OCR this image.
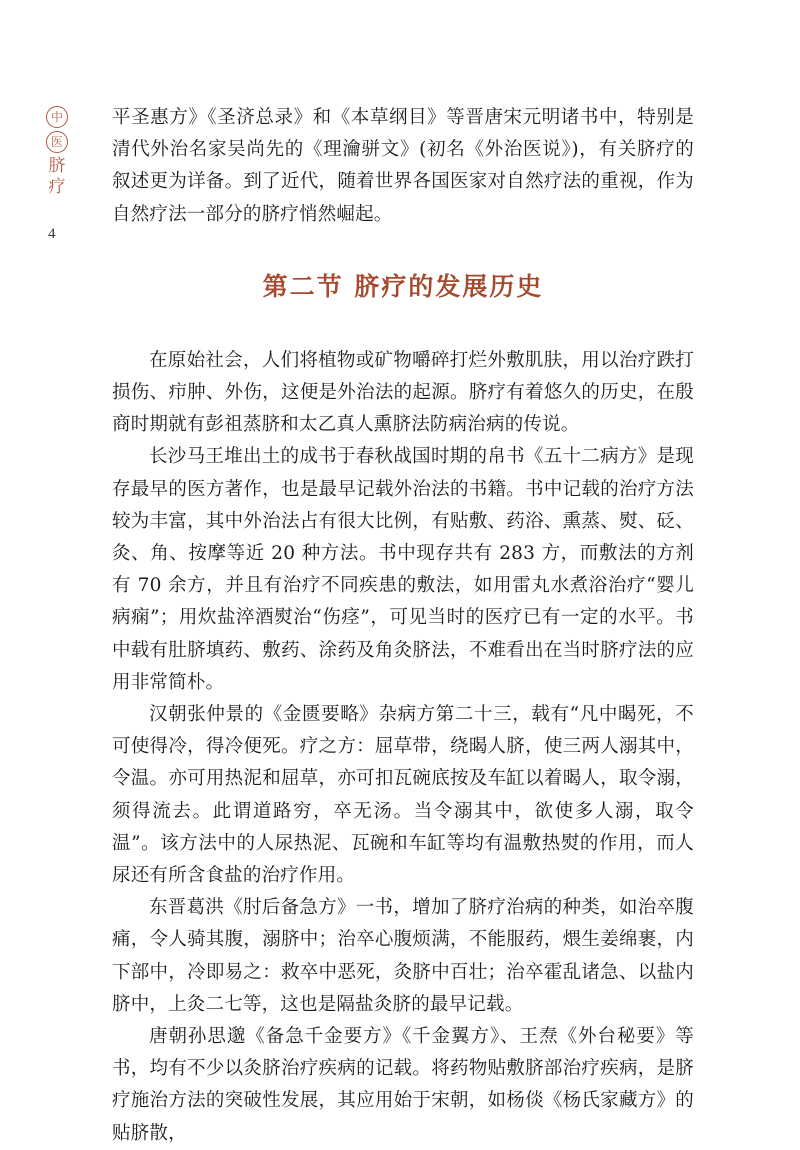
中
医
脐
疗
4

平圣惠方》《圣济总录》和《本草纲目》等晋唐宋元明诸书中，特别是清代外治名家吴尚先的《理瀹骈文》(初名《外治医说》)，有关脐疗的叙述更为详备。到了近代，随着世界各国医家对自然疗法的重视，作为自然疗法一部分的脐疗悄然崛起。

第二节 脐疗的发展历史

在原始社会，人们将植物或矿物嚼碎打烂外敷肌肤，用以治疗跌打损伤、疖肿、外伤，这便是外治法的起源。脐疗有着悠久的历史，在殷商时期就有彭祖蒸脐和太乙真人熏脐法防病治病的传说。

长沙马王堆出土的成书于春秋战国时期的帛书《五十二病方》是现存最早的医方著作，也是最早记载外治法的书籍。书中记载的治疗方法较为丰富，其中外治法占有很大比例，有贴敷、药浴、熏蒸、熨、砭、灸、角、按摩等近 20 种方法。书中现存共有 283 方，而敷法的方剂有 70 余方，并且有治疗不同疾患的敷法，如用雷丸水煮浴治疗“婴儿病痫”；用炊盐淬酒熨治“伤痉”，可见当时的医疗已有一定的水平。书中载有肚脐填药、敷药、涂药及角灸脐法，不难看出在当时脐疗法的应用非常简朴。

汉朝张仲景的《金匮要略》杂病方第二十三，载有“凡中暍死，不可使得冷，得冷便死。疗之方：屈草带，绕暍人脐，使三两人溺其中，令温。亦可用热泥和屈草，亦可扣瓦碗底按及车缸以着暍人，取令溺，须得流去。此谓道路穷，卒无汤。当令溺其中，欲使多人溺，取令温”。该方法中的人尿热泥、瓦碗和车缸等均有温敷热熨的作用，而人尿还有所含食盐的治疗作用。

东晋葛洪《肘后备急方》一书，增加了脐疗治病的种类，如治卒腹痛，令人骑其腹，溺脐中；治卒心腹烦满，不能服药，煨生姜绵裹，内下部中，冷即易之：救卒中恶死，灸脐中百壮；治卒霍乱诸急、以盐内脐中，上灸二七等，这也是隔盐灸脐的最早记载。

唐朝孙思邈《备急千金要方》《千金翼方》、王焘《外台秘要》等书，均有不少以灸脐治疗疾病的记载。将药物贴敷脐部治疗疾病，是脐疗施治方法的突破性发展，其应用始于宋朝，如杨倓《杨氏家藏方》的贴脐散，
